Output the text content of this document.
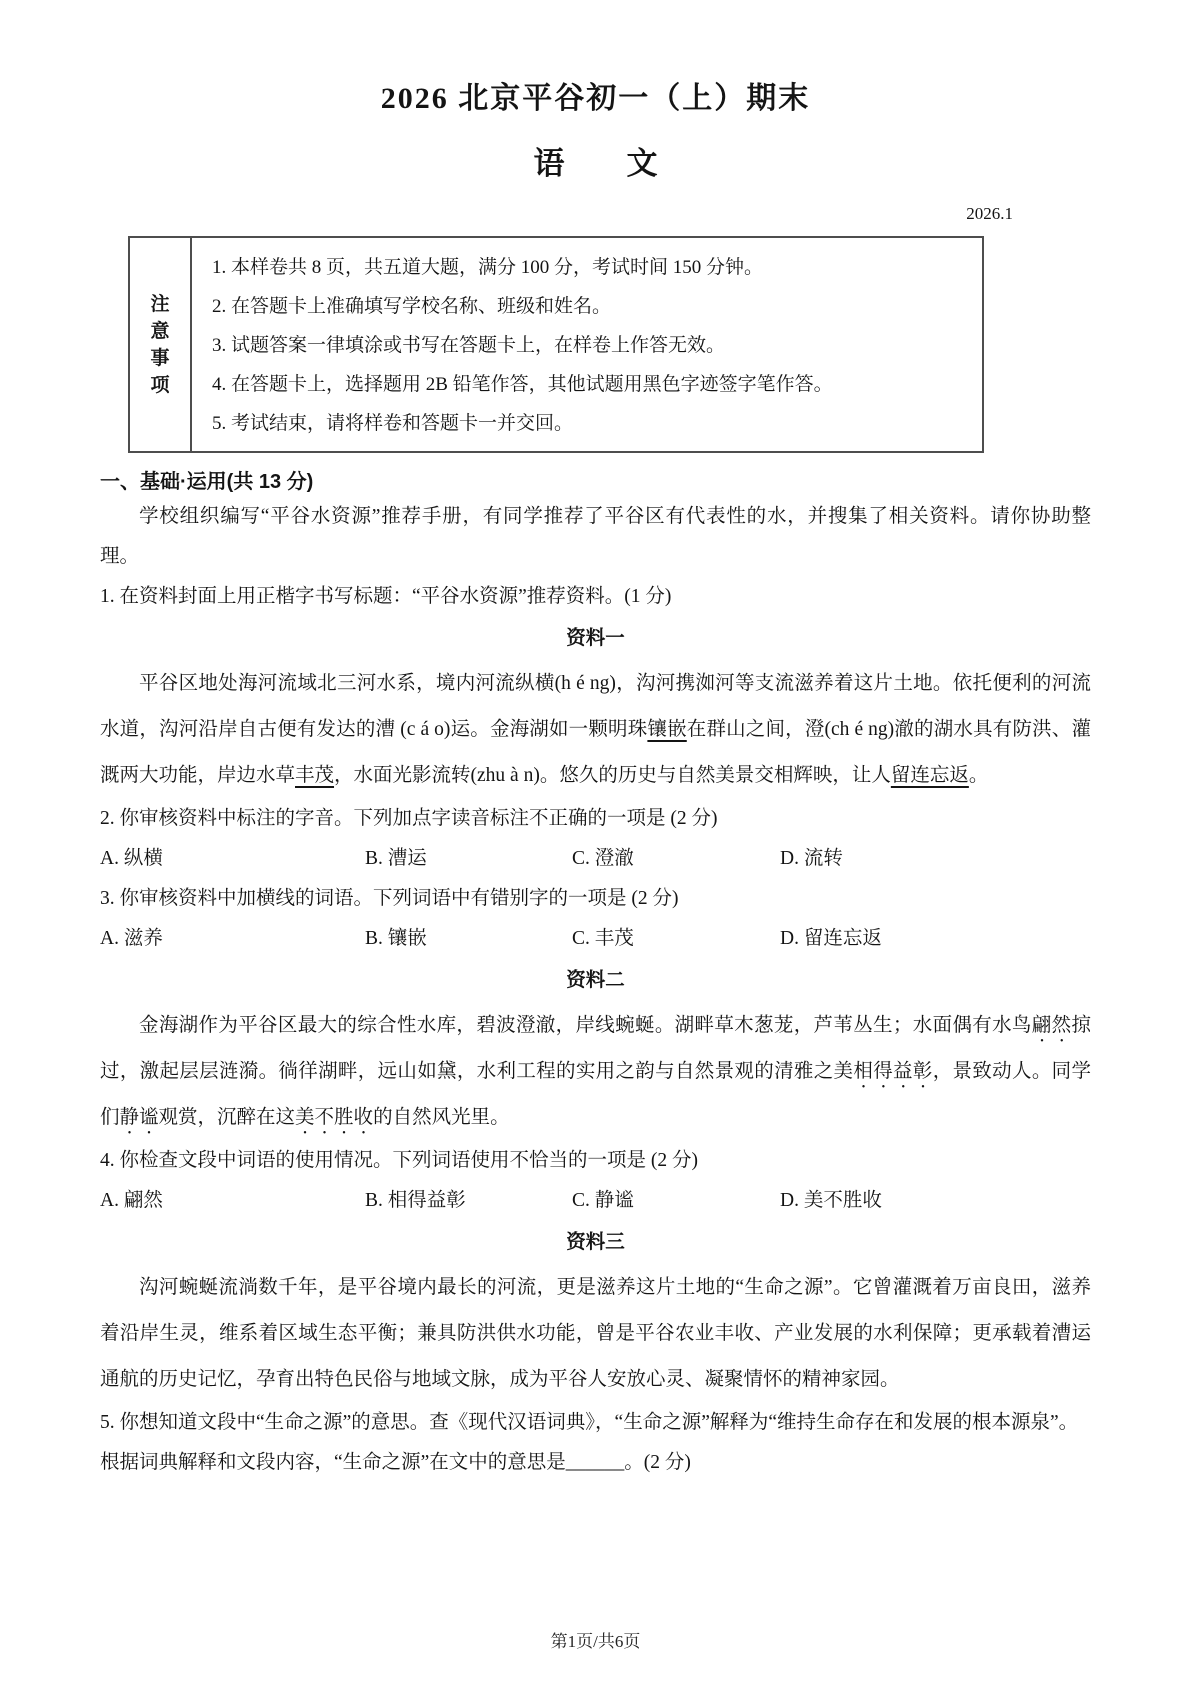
2026 北京平谷初一（上）期末
语　　文
2026.1
注意事项
1. 本样卷共 8 页，共五道大题，满分 100 分，考试时间 150 分钟。
2. 在答题卡上准确填写学校名称、班级和姓名。
3. 试题答案一律填涂或书写在答题卡上，在样卷上作答无效。
4. 在答题卡上，选择题用 2B 铅笔作答，其他试题用黑色字迹签字笔作答。
5. 考试结束，请将样卷和答题卡一并交回。
一、基础·运用(共 13 分)

学校组织编写“平谷水资源”推荐手册，有同学推荐了平谷区有代表性的水，并搜集了相关资料。请你协助整理。

1. 在资料封面上用正楷字书写标题：“平谷水资源”推荐资料。(1 分)

资料一

平谷区地处海河流域北三河水系，境内河流纵横(h é ng)，沟河携洳河等支流滋养着这片土地。依托便利的河流水道，沟河沿岸自古便有发达的漕 (c á o)运。金海湖如一颗明珠镶嵌在群山之间，澄(ch é ng)澈的湖水具有防洪、灌溉两大功能，岸边水草丰茂，水面光影流转(zhu à n)。悠久的历史与自然美景交相辉映，让人留连忘返。

2. 你审核资料中标注的字音。下列加点字读音标注不正确的一项是 (2 分)

A. 纵横	B. 漕运	C. 澄澈	D. 流转

3. 你审核资料中加横线的词语。下列词语中有错别字的一项是 (2 分)

A. 滋养	B. 镶嵌	C. 丰茂	D. 留连忘返

资料二

金海湖作为平谷区最大的综合性水库，碧波澄澈，岸线蜿蜒。湖畔草木葱茏，芦苇丛生；水面偶有水鸟翩然掠过，激起层层涟漪。徜徉湖畔，远山如黛，水利工程的实用之韵与自然景观的清雅之美相得益彰，景致动人。同学们静谧观赏，沉醉在这美不胜收的自然风光里。

4. 你检查文段中词语的使用情况。下列词语使用不恰当的一项是 (2 分)

A. 翩然	B. 相得益彰	C. 静谧	D. 美不胜收

资料三

沟河蜿蜒流淌数千年，是平谷境内最长的河流，更是滋养这片土地的“生命之源”。它曾灌溉着万亩良田，滋养着沿岸生灵，维系着区域生态平衡；兼具防洪供水功能，曾是平谷农业丰收、产业发展的水利保障；更承载着漕运通航的历史记忆，孕育出特色民俗与地域文脉，成为平谷人安放心灵、凝聚情怀的精神家园。

5. 你想知道文段中“生命之源”的意思。查《现代汉语词典》，“生命之源”解释为“维持生命存在和发展的根本源泉”。根据词典解释和文段内容，“生命之源”在文中的意思是______。(2 分)

第1页/共6页
